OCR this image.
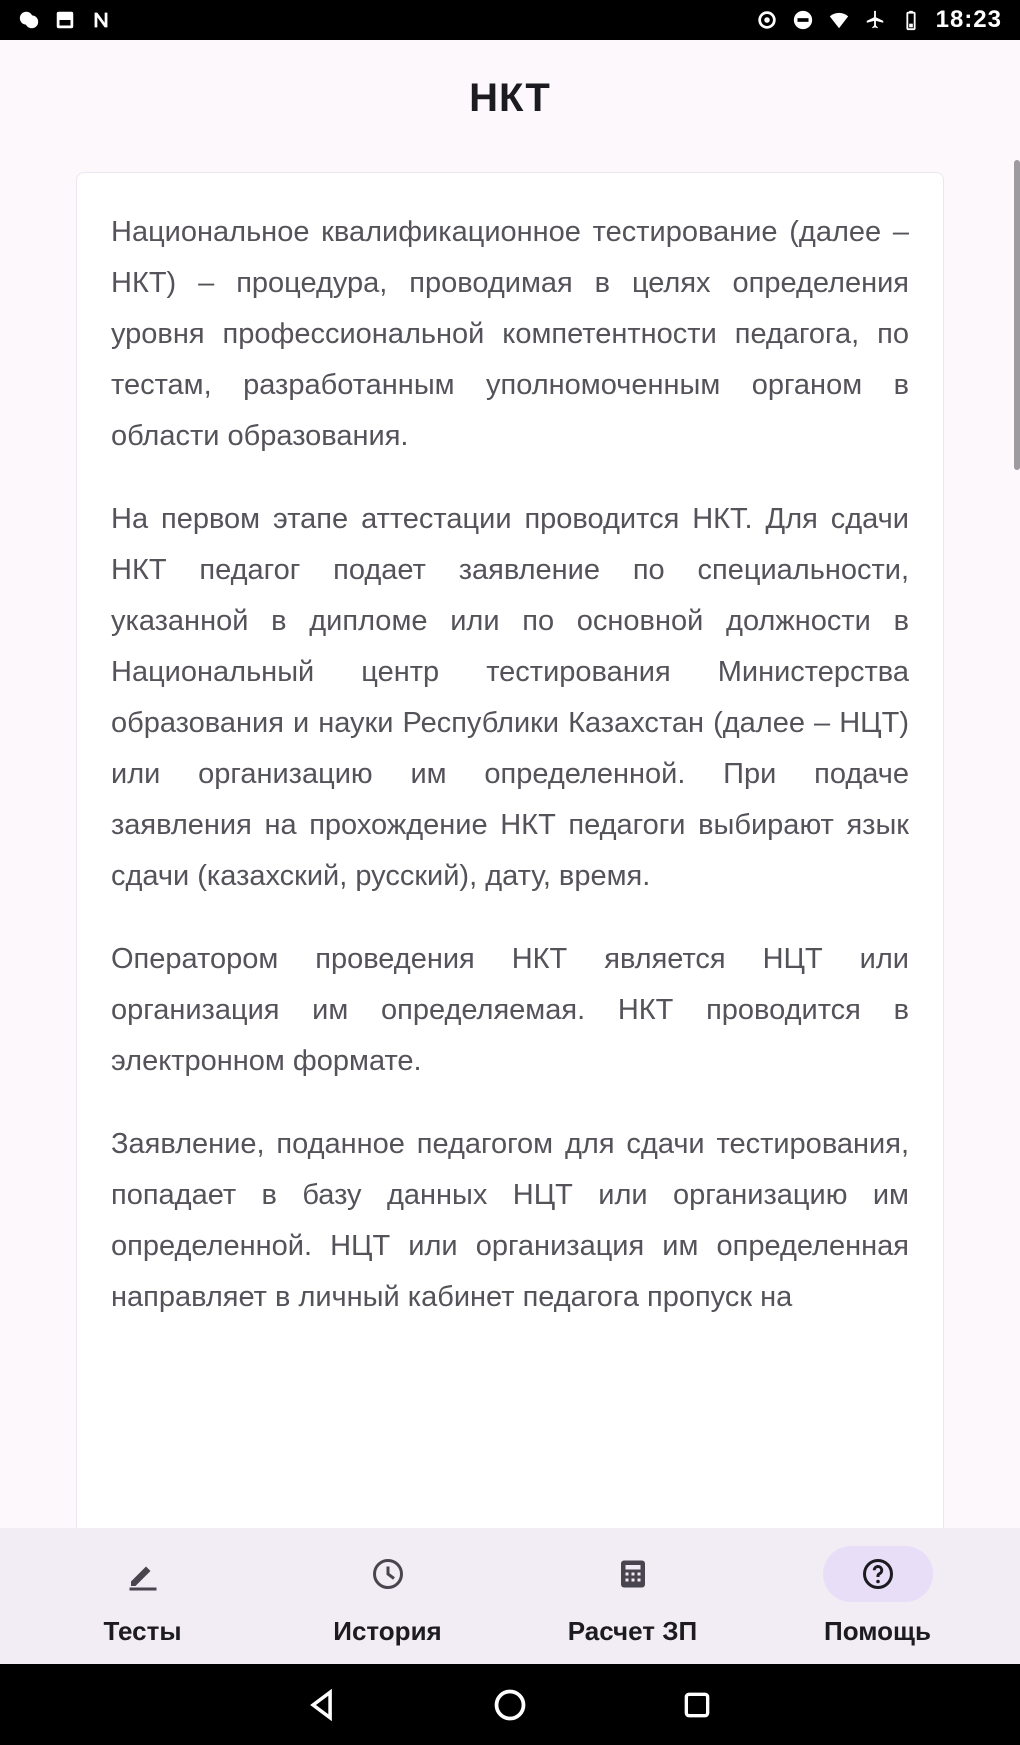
18:23
НКТ

Национальное квалификационное тестирование (далее – НКТ) – процедура, проводимая в целях определения уровня профессиональной компетентности педагога, по тестам, разработанным уполномоченным органом в области образования.

На первом этапе аттестации проводится НКТ. Для сдачи НКТ педагог подает заявление по специальности, указанной в дипломе или по основной должности в Национальный центр тестирования Министерства образования и науки Республики Казахстан (далее – НЦТ) или организацию им определенной. При подаче заявления на прохождение НКТ педагоги выбирают язык сдачи (казахский, русский), дату, время.

Оператором проведения НКТ является НЦТ или организация им определяемая. НКТ проводится в электронном формате.

Заявление, поданное педагогом для сдачи тестирования, попадает в базу данных НЦТ или организацию им определенной. НЦТ или организация им определенная направляет в личный кабинет педагога пропуск на

Тесты	История	Расчет ЗП	Помощь
